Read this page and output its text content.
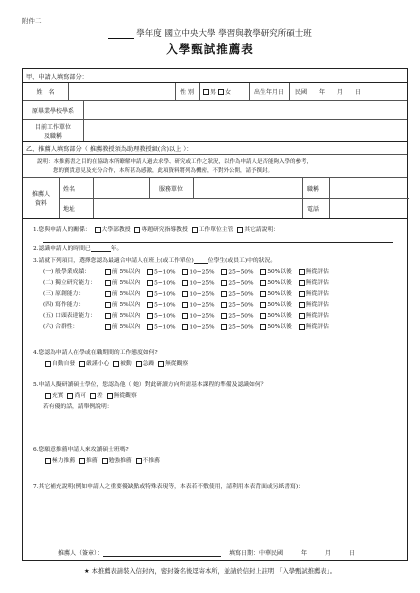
附件二
學年度 國立中央大學 學習與教學研究所碩士班
入學甄試推薦表
甲、申請人填寫部分：
姓　名	性 別	男 女	出生年月日	民國　　年　　月　　日
原畢業學校學系
目前工作單位
及職稱
乙、推薦人填寫部分（ 推薦教授須為助理教授級(含)以上 ）：
說明：本推薦書之目的在協助本所瞭解申請人過去求學、研究或工作之狀況，以作為申請人是否能夠入學的參考，
您的寶貴意見及充分合作，本所甚為感激，此項資料將列為機密，不對外公開，請予撰封。
推薦人
資料
姓名	服務單位	職稱
地址	電話
1.您與申請人的關係： 大學部教授 專題研究指導教授 工作單位主管 其它請說明：
2.認識申請人的時間已	年。
3.請就下列項目，選擇您認為最適合申請人在班上(或工作單位) 位學生(或員工)中的狀況。
(一) 般學業成績：	前 5%以內 5~10% 10~25% 25~50% 50%以後 無從評估
(二) 獨立研究能力：	前 5%以內 5~10% 10~25% 25~50% 50%以後 無從評估
(三) 原創能力：	前 5%以內 5~10% 10~25% 25~50% 50%以後 無從評估
(四) 寫作能力：	前 5%以內 5~10% 10~25% 25~50% 50%以後 無從評估
(五) 口頭表達能力：	前 5%以內 5~10% 10~25% 25~50% 50%以後 無從評估
(六) 合群性：	前 5%以內 5~10% 10~25% 25~50% 50%以後 無從評估
4.您認為申請人在學或在職期間的工作態度如何?
自動自發 嚴謹小心 被動 急躁 無從觀察
5.申請人擬研讀碩士學位，您認為他（ 她）對此研讀方向所需基本課程的準備及認識如何？
充實 尚可 差 無從觀察
若有優的話，請舉例說明：
6.您願意推薦申請人來攻讀碩士班嗎?
極力推薦 推薦 勉強推薦 不推薦
7.其它補充說明(例如申請人之重要優缺點或特殊表現等，本表若不敷使用，請利用本表背面或另紙書寫)：
推薦人（簽章）：	填寫日期：中華民國　　　年　　　月　　　日
★ 本推薦表請裝入信封內，密封簽名後逕寄本所，並請於信封上註明 「入學甄試推薦表」。
